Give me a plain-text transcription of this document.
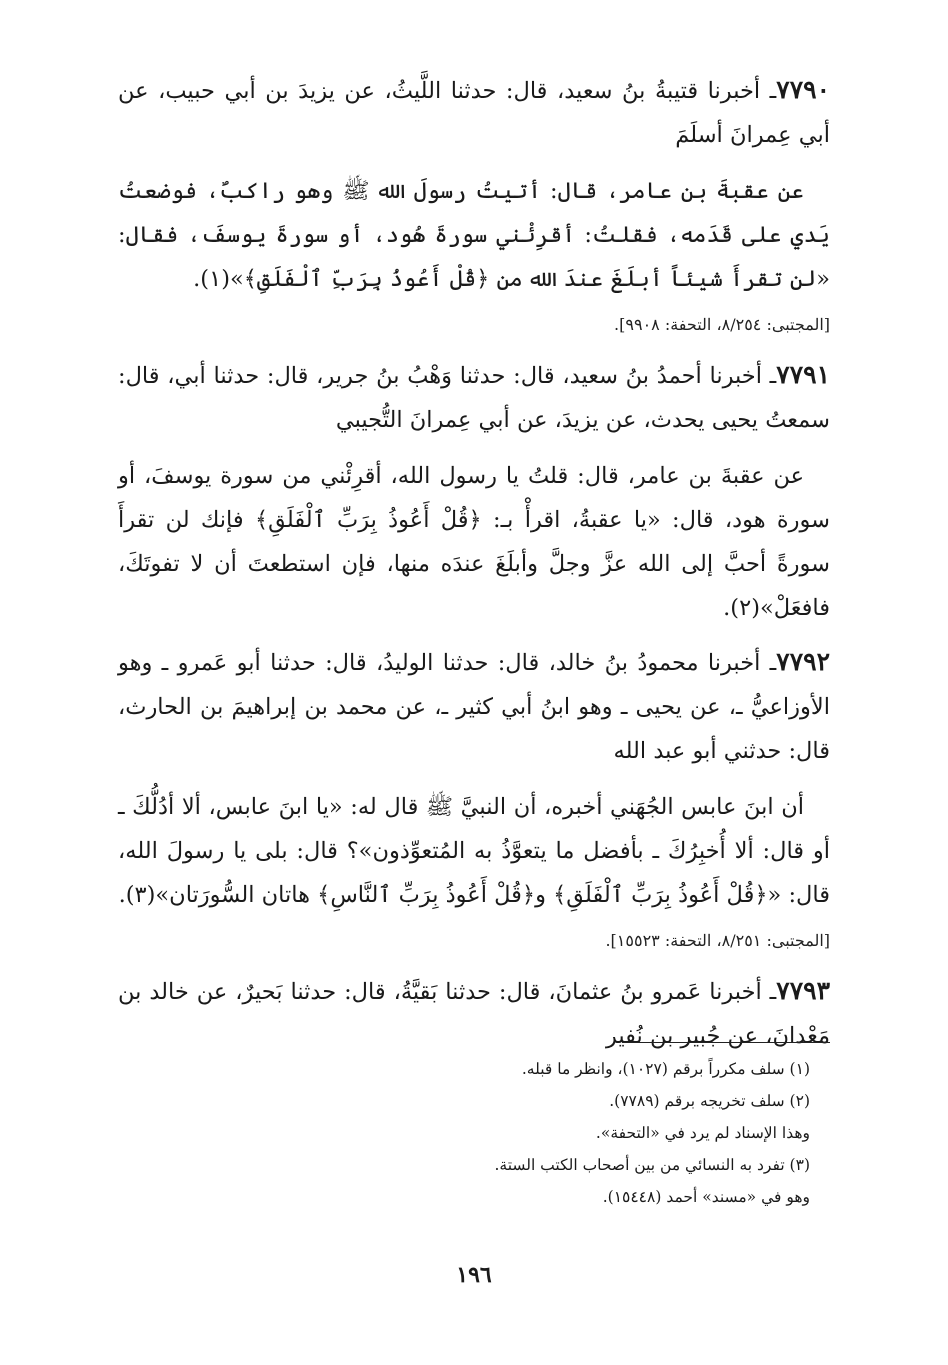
٧٧٩٠ـ أخبرنا قتيبةُ بنُ سعيد، قال: حدثنا اللَّيثُ، عن يزيدَ بن أبي حبيب، عن أبي عِمرانَ أسلَمَ

عن عقبةَ بن عامر، قال: أتيتُ رسولَ الله ﷺ وهو راكبٌ، فوضعتُ يَدي على قَدَمه، فقلتُ: أقرِئْني سورةَ هُود، أو سورةَ يوسفَ، فقال: «لن تقرأَ شيئاً أبلَغَ عندَ الله من ﴿قُلْ أَعُوذُ بِرَبِّ ٱلْفَلَقِ﴾»(١).

[المجتبى: ٨/٢٥٤، التحفة: ٩٩٠٨].

٧٧٩١ـ أخبرنا أحمدُ بنُ سعيد، قال: حدثنا وَهْبُ بنُ جرير، قال: حدثنا أبي، قال: سمعتُ يحيى يحدث، عن يزيدَ، عن أبي عِمرانَ التُّجيبي

عن عقبةَ بن عامر، قال: قلتُ يا رسول الله، أقرِئْني من سورة يوسفَ، أو سورة هود، قال: «يا عقبةُ، اقرأْ بـ: ﴿قُلْ أَعُوذُ بِرَبِّ ٱلْفَلَقِ﴾ فإنك لن تقرأَ سورةً أحبَّ إلى الله عزَّ وجلَّ وأبلَغَ عندَه منها، فإن استطعتَ أن لا تفوتَكَ، فافعَلْ»(٢).

٧٧٩٢ـ أخبرنا محمودُ بنُ خالد، قال: حدثنا الوليدُ، قال: حدثنا أبو عَمرو ـ وهو الأوزاعيُّ ـ، عن يحيى ـ وهو ابنُ أبي كثير ـ، عن محمد بن إبراهيمَ بن الحارث، قال: حدثني أبو عبد الله

أن ابنَ عابس الجُهَني أخبره، أن النبيَّ ﷺ قال له: «يا ابنَ عابس، ألا أدُلُّكَ ـ أو قال: ألا أُخبِرُكَ ـ بأفضل ما يتعوَّذُ به المُتعوِّذون»؟ قال: بلى يا رسولَ الله، قال: «﴿قُلْ أَعُوذُ بِرَبِّ ٱلْفَلَقِ﴾ و﴿قُلْ أَعُوذُ بِرَبِّ ٱلنَّاسِ﴾ هاتان السُّورَتان»(٣).

[المجتبى: ٨/٢٥١، التحفة: ١٥٥٢٣].

٧٧٩٣ـ أخبرنا عَمرو بنُ عثمانَ، قال: حدثنا بَقيَّةُ، قال: حدثنا بَحيرٌ، عن خالد بن مَعْدانَ، عن جُبير بن نُفير

(١) سلف مكرراً برقم (١٠٢٧)، وانظر ما قبله.

(٢) سلف تخريجه برقم (٧٧٨٩).

وهذا الإسناد لم يرد في «التحفة».

(٣) تفرد به النسائي من بين أصحاب الكتب الستة.

وهو في «مسند» أحمد (١٥٤٤٨).

١٩٦
